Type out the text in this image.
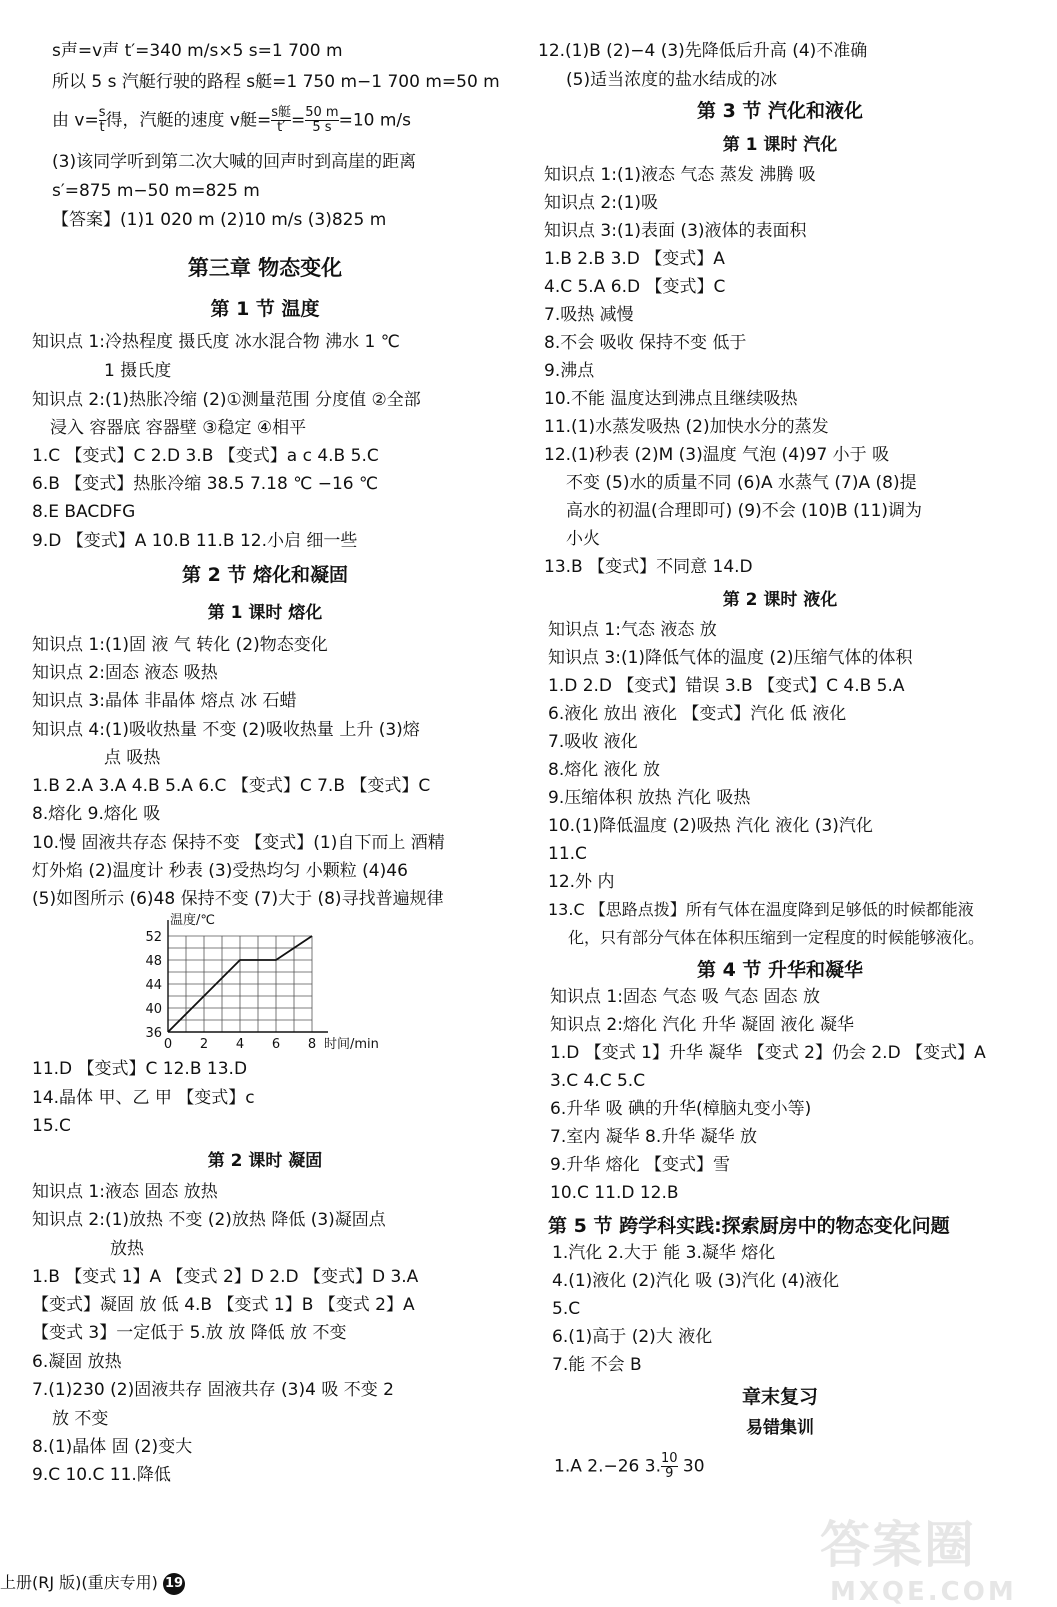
s声=v声 t′=340 m/s×5 s=1 700 m
所以 5 s 汽艇行驶的路程 s艇=1 750 m−1 700 m=50 m
由 $v= \frac{s}{t}$ 得，汽艇的速度 v艇= $\frac{\text{s艇}}{t'} = \frac{50 m}{5 s} =10$ m/s
(3)该同学听到第二次大喊的回声时到高崖的距离
s′=875 m−50 m=825 m
【答案】(1)1 020 m (2)10 m/s (3)825 m
第三章 物态变化
第 1 节 温度
知识点 1:冷热程度 摄氏度 冰水混合物 沸水 1 ℃
1 摄氏度
知识点 2:(1)热胀冷缩 (2)①测量范围 分度值 ②全部
浸入 容器底 容器壁 ③稳定 ④相平
1.C 【变式】C 2.D 3.B 【变式】a c 4.B 5.C
6.B 【变式】热胀冷缩 38.5 7.18 ℃ −16 ℃
8.E BACDFG
9.D 【变式】A 10.B 11.B 12.小启 细一些
第 2 节 熔化和凝固
第 1 课时 熔化
知识点 1:(1)固 液 气 转化 (2)物态变化
知识点 2:固态 液态 吸热
知识点 3:晶体 非晶体 熔点 冰 石蜡
知识点 4:(1)吸收热量 不变 (2)吸收热量 上升 (3)熔
点 吸热
1.B 2.A 3.A 4.B 5.A 6.C 【变式】C 7.B 【变式】C
8.熔化 9.熔化 吸
10.慢 固液共存态 保持不变 【变式】(1)自下而上 酒精
灯外焰 (2)温度计 秒表 (3)受热均匀 小颗粒 (4)46
(5)如图所示 (6)48 保持不变 (7)大于 (8)寻找普遍规律
36
40
44
48
52
0 2 4 6 8
温度/℃
时间/min
11.D 【变式】C 12.B 13.D
14.晶体 甲、乙 甲 【变式】c
15.C
第 2 课时 凝固
知识点 1:液态 固态 放热
知识点 2:(1)放热 不变 (2)放热 降低 (3)凝固点
放热
1.B 【变式 1】A 【变式 2】D 2.D 【变式】D 3.A
【变式】凝固 放 低 4.B 【变式 1】B 【变式 2】A
【变式 3】一定低于 5.放 放 降低 放 不变
6.凝固 放热
7.(1)230 (2)固液共存 固液共存 (3)4 吸 不变 2
放 不变
8.(1)晶体 固 (2)变大
9.C 10.C 11.降低
12.(1)B (2)−4 (3)先降低后升高 (4)不准确
(5)适当浓度的盐水结成的冰
第 3 节 汽化和液化
第 1 课时 汽化
知识点 1:(1)液态 气态 蒸发 沸腾 吸
知识点 2:(1)吸
知识点 3:(1)表面 (3)液体的表面积
1.B 2.B 3.D 【变式】A
4.C 5.A 6.D 【变式】C
7.吸热 减慢
8.不会 吸收 保持不变 低于
9.沸点
10.不能 温度达到沸点且继续吸热
11.(1)水蒸发吸热 (2)加快水分的蒸发
12.(1)秒表 (2)M (3)温度 气泡 (4)97 小于 吸
不变 (5)水的质量不同 (6)A 水蒸气 (7)A (8)提
高水的初温(合理即可) (9)不会 (10)B (11)调为
小火
13.B 【变式】不同意 14.D
第 2 课时 液化
知识点 1:气态 液态 放
知识点 3:(1)降低气体的温度 (2)压缩气体的体积
1.D 2.D 【变式】错误 3.B 【变式】C 4.B 5.A
6.液化 放出 液化 【变式】汽化 低 液化
7.吸收 液化
8.熔化 液化 放
9.压缩体积 放热 汽化 吸热
10.(1)降低温度 (2)吸热 汽化 液化 (3)汽化
11.C
12.外 内
13.C 【思路点拨】所有气体在温度降到足够低的时候都能液
化，只有部分气体在体积压缩到一定程度的时候能够液化。
第 4 节 升华和凝华
知识点 1:固态 气态 吸 气态 固态 放
知识点 2:熔化 汽化 升华 凝固 液化 凝华
1.D 【变式 1】升华 凝华 【变式 2】仍会 2.D 【变式】A
3.C 4.C 5.C
6.升华 吸 碘的升华(樟脑丸变小等)
7.室内 凝华 8.升华 凝华 放
9.升华 熔化 【变式】雪
10.C 11.D 12.B
第 5 节 跨学科实践:探索厨房中的物态变化问题
1.汽化 2.大于 能 3.凝华 熔化
4.(1)液化 (2)汽化 吸 (3)汽化 (4)液化
5.C
6.(1)高于 (2)大 液化
7.能 不会 B
章末复习
易错集训
1.A 2.−26 3. $\frac{10}{9} 30$
答案圈
MXQE.COM
上册(RJ 版)(重庆专用) 19
